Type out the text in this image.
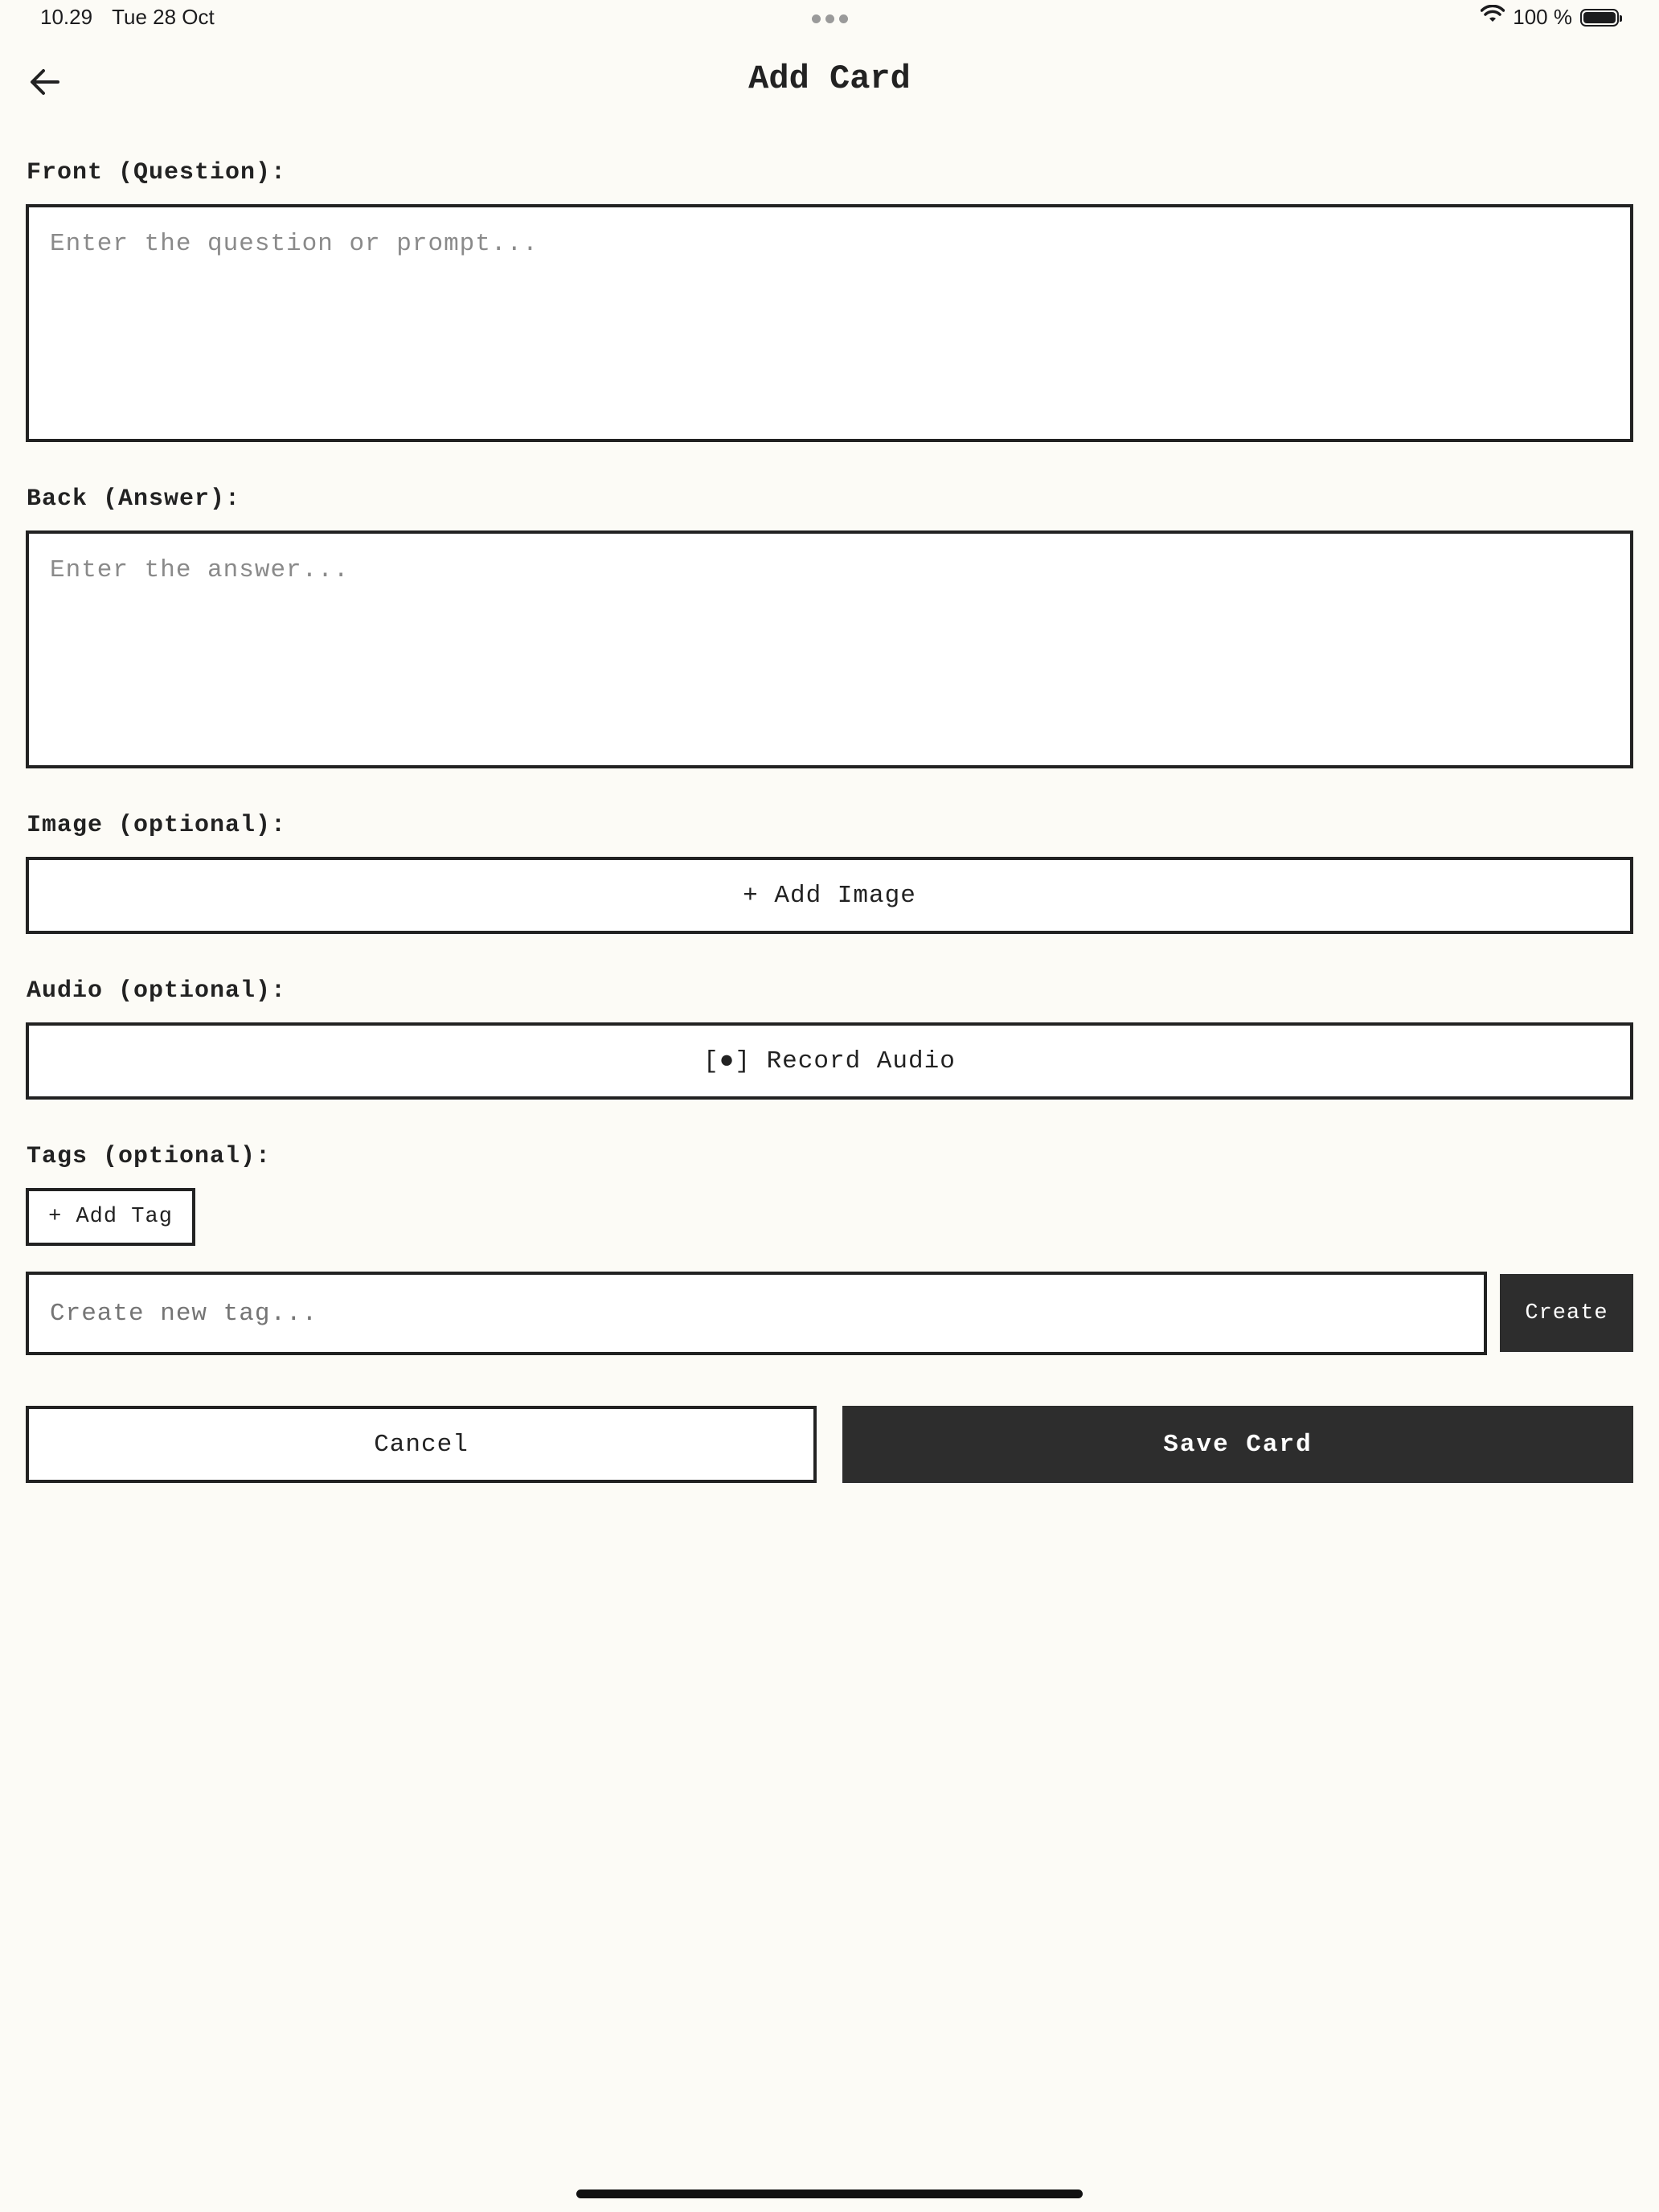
10.29 Tue 28 Oct	100 %
Add Card
Front (Question):
Enter the question or prompt...
Back (Answer):
Enter the answer...
Image (optional):
+ Add Image
Audio (optional):
[●] Record Audio
Tags (optional):
+ Add Tag
Create new tag...
Create
Cancel	Save Card
